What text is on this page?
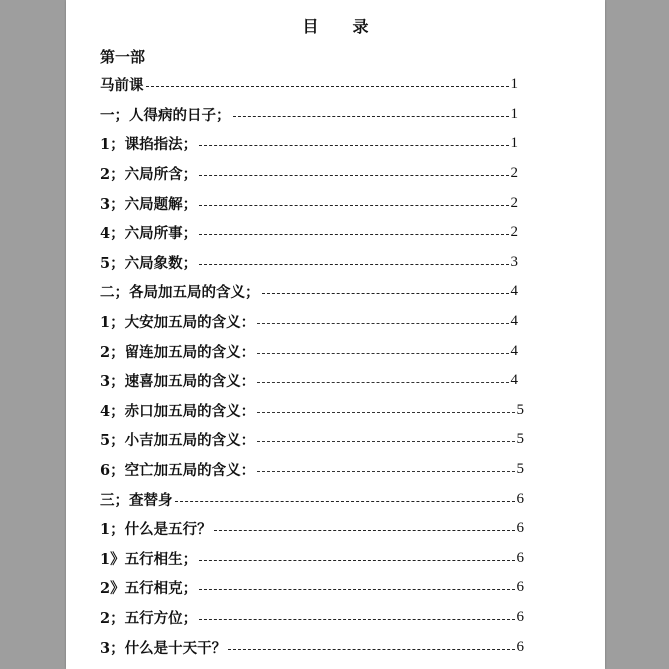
目 录
第一部
马前课	1
一；人得病的日子；	1
1；课掐指法；	1
2；六局所含；	2
3；六局题解；	2
4；六局所事；	2
5；六局象数；	3
二；各局加五局的含义；	4
1；大安加五局的含义：	4
2；留连加五局的含义：	4
3；速喜加五局的含义：	4
4；赤口加五局的含义：	5
5；小吉加五局的含义：	5
6；空亡加五局的含义：	5
三；查替身	6
1；什么是五行？	6
1》五行相生；	6
2》五行相克；	6
2；五行方位；	6
3；什么是十天干？	6
